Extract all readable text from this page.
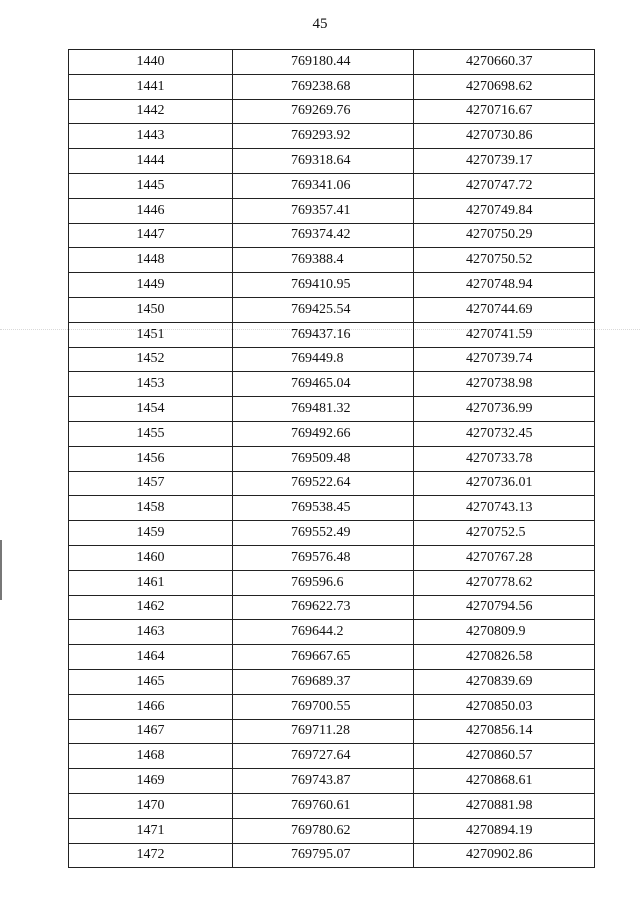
45
1440	769180.44	4270660.37
1441	769238.68	4270698.62
1442	769269.76	4270716.67
1443	769293.92	4270730.86
1444	769318.64	4270739.17
1445	769341.06	4270747.72
1446	769357.41	4270749.84
1447	769374.42	4270750.29
1448	769388.4	4270750.52
1449	769410.95	4270748.94
1450	769425.54	4270744.69
1451	769437.16	4270741.59
1452	769449.8	4270739.74
1453	769465.04	4270738.98
1454	769481.32	4270736.99
1455	769492.66	4270732.45
1456	769509.48	4270733.78
1457	769522.64	4270736.01
1458	769538.45	4270743.13
1459	769552.49	4270752.5
1460	769576.48	4270767.28
1461	769596.6	4270778.62
1462	769622.73	4270794.56
1463	769644.2	4270809.9
1464	769667.65	4270826.58
1465	769689.37	4270839.69
1466	769700.55	4270850.03
1467	769711.28	4270856.14
1468	769727.64	4270860.57
1469	769743.87	4270868.61
1470	769760.61	4270881.98
1471	769780.62	4270894.19
1472	769795.07	4270902.86
